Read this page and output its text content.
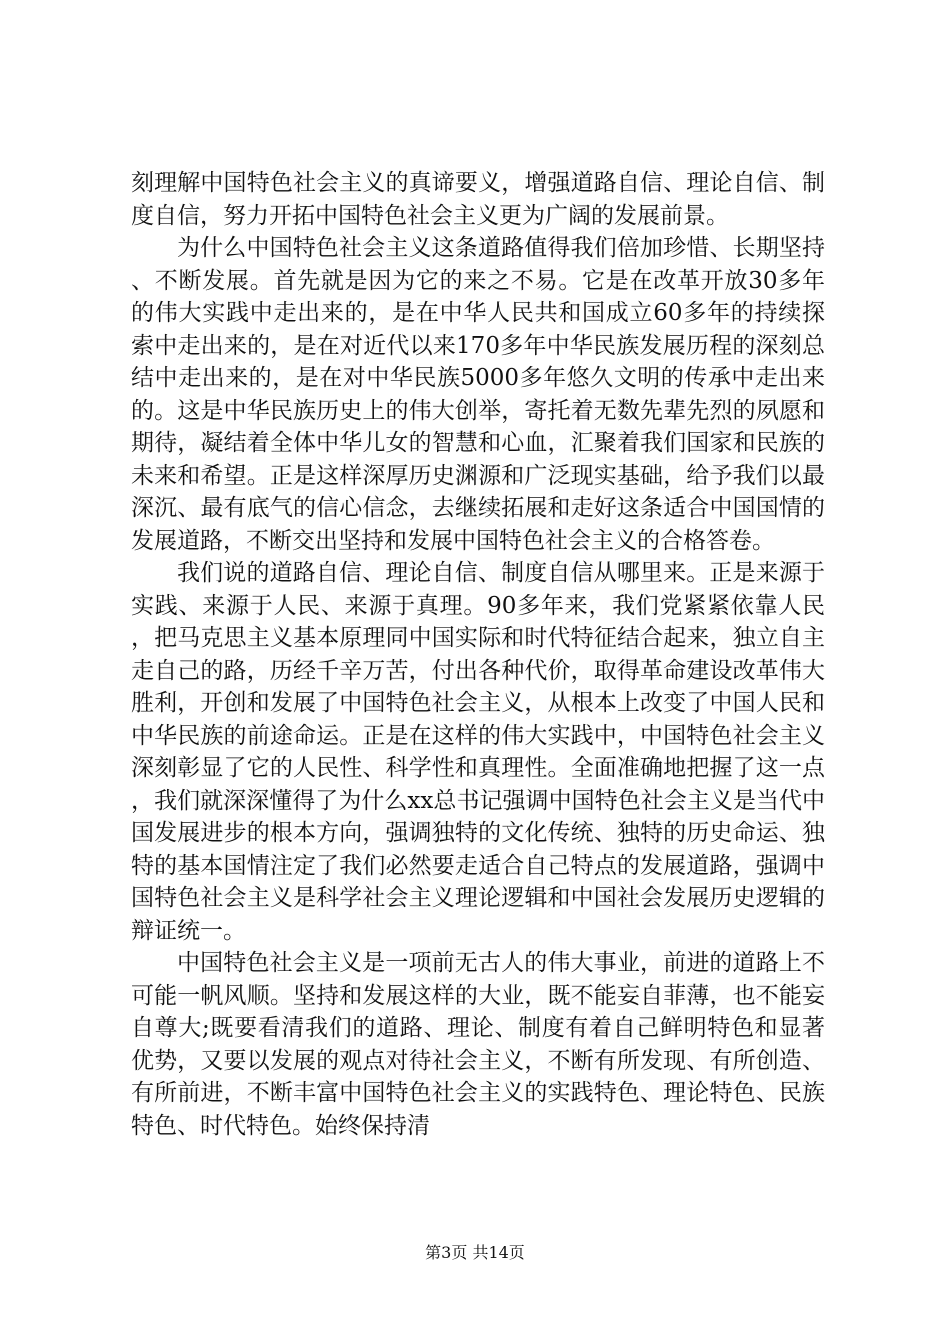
刻理解中国特色社会主义的真谛要义，增强道路自信、理论自信、制度自信，努力开拓中国特色社会主义更为广阔的发展前景。

为什么中国特色社会主义这条道路值得我们倍加珍惜、长期坚持、不断发展。首先就是因为它的来之不易。它是在改革开放30多年的伟大实践中走出来的，是在中华人民共和国成立60多年的持续探索中走出来的，是在对近代以来170多年中华民族发展历程的深刻总结中走出来的，是在对中华民族5000多年悠久文明的传承中走出来的。这是中华民族历史上的伟大创举，寄托着无数先辈先烈的夙愿和期待，凝结着全体中华儿女的智慧和心血，汇聚着我们国家和民族的未来和希望。正是这样深厚历史渊源和广泛现实基础，给予我们以最深沉、最有底气的信心信念，去继续拓展和走好这条适合中国国情的发展道路，不断交出坚持和发展中国特色社会主义的合格答卷。

我们说的道路自信、理论自信、制度自信从哪里来。正是来源于实践、来源于人民、来源于真理。90多年来，我们党紧紧依靠人民，把马克思主义基本原理同中国实际和时代特征结合起来，独立自主走自己的路，历经千辛万苦，付出各种代价，取得革命建设改革伟大胜利，开创和发展了中国特色社会主义，从根本上改变了中国人民和中华民族的前途命运。正是在这样的伟大实践中，中国特色社会主义深刻彰显了它的人民性、科学性和真理性。全面准确地把握了这一点，我们就深深懂得了为什么xx总书记强调中国特色社会主义是当代中国发展进步的根本方向，强调独特的文化传统、独特的历史命运、独特的基本国情注定了我们必然要走适合自己特点的发展道路，强调中国特色社会主义是科学社会主义理论逻辑和中国社会发展历史逻辑的辩证统一。

中国特色社会主义是一项前无古人的伟大事业，前进的道路上不可能一帆风顺。坚持和发展这样的大业，既不能妄自菲薄，也不能妄自尊大;既要看清我们的道路、理论、制度有着自己鲜明特色和显著优势，又要以发展的观点对待社会主义，不断有所发现、有所创造、有所前进，不断丰富中国特色社会主义的实践特色、理论特色、民族特色、时代特色。始终保持清

第3页 共14页
